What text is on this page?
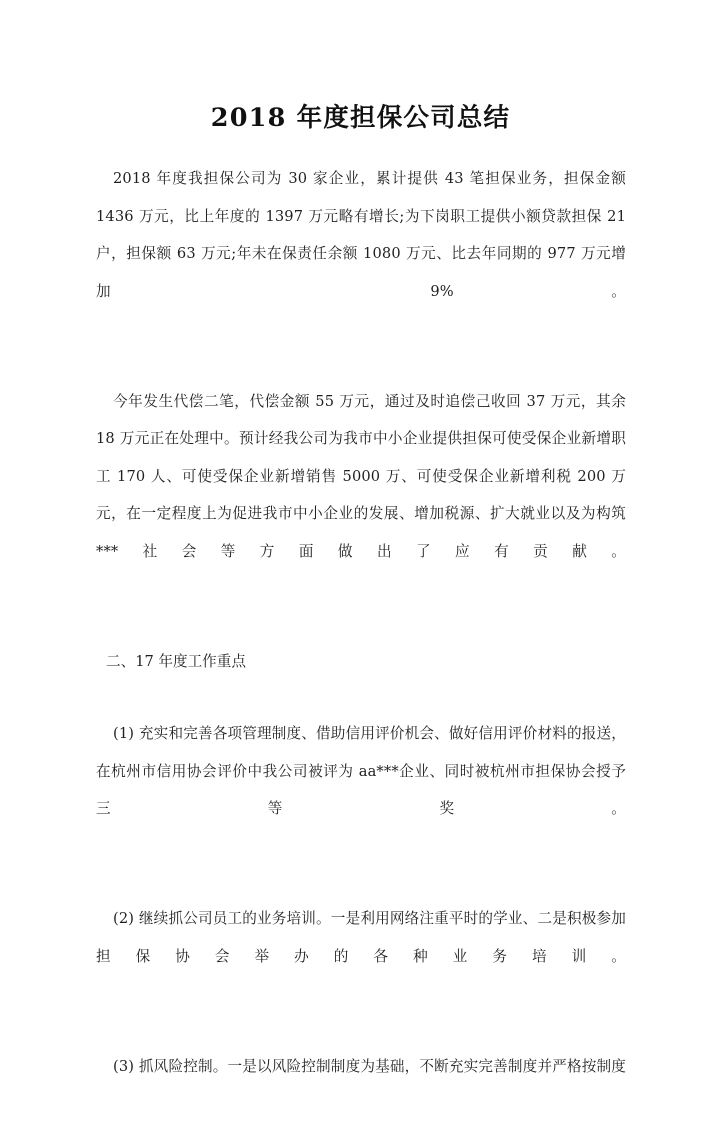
2018 年度担保公司总结

2018 年度我担保公司为 30 家企业，累计提供 43 笔担保业务，担保金额 1436 万元，比上年度的 1397 万元略有增长;为下岗职工提供小额贷款担保 21 户，担保额 63 万元;年未在保责任余额 1080 万元、比去年同期的 977 万元增加 9%。

今年发生代偿二笔，代偿金额 55 万元，通过及时追偿己收回 37 万元，其余 18 万元正在处理中。预计经我公司为我市中小企业提供担保可使受保企业新增职工 170 人、可使受保企业新增销售 5000 万、可使受保企业新增利税 200 万元，在一定程度上为促进我市中小企业的发展、增加税源、扩大就业以及为构筑***社会等方面做出了应有贡献。

二、17 年度工作重点

(1) 充实和完善各项管理制度、借助信用评价机会、做好信用评价材料的报送，在杭州市信用协会评价中我公司被评为 aa***企业、同时被杭州市担保协会授予三等奖。

(2) 继续抓公司员工的业务培训。一是利用网络注重平时的学业、二是积极参加担保协会举办的各种业务培训。

(3) 抓风险控制。一是以风险控制制度为基础，不断充实完善制度并严格按制度
